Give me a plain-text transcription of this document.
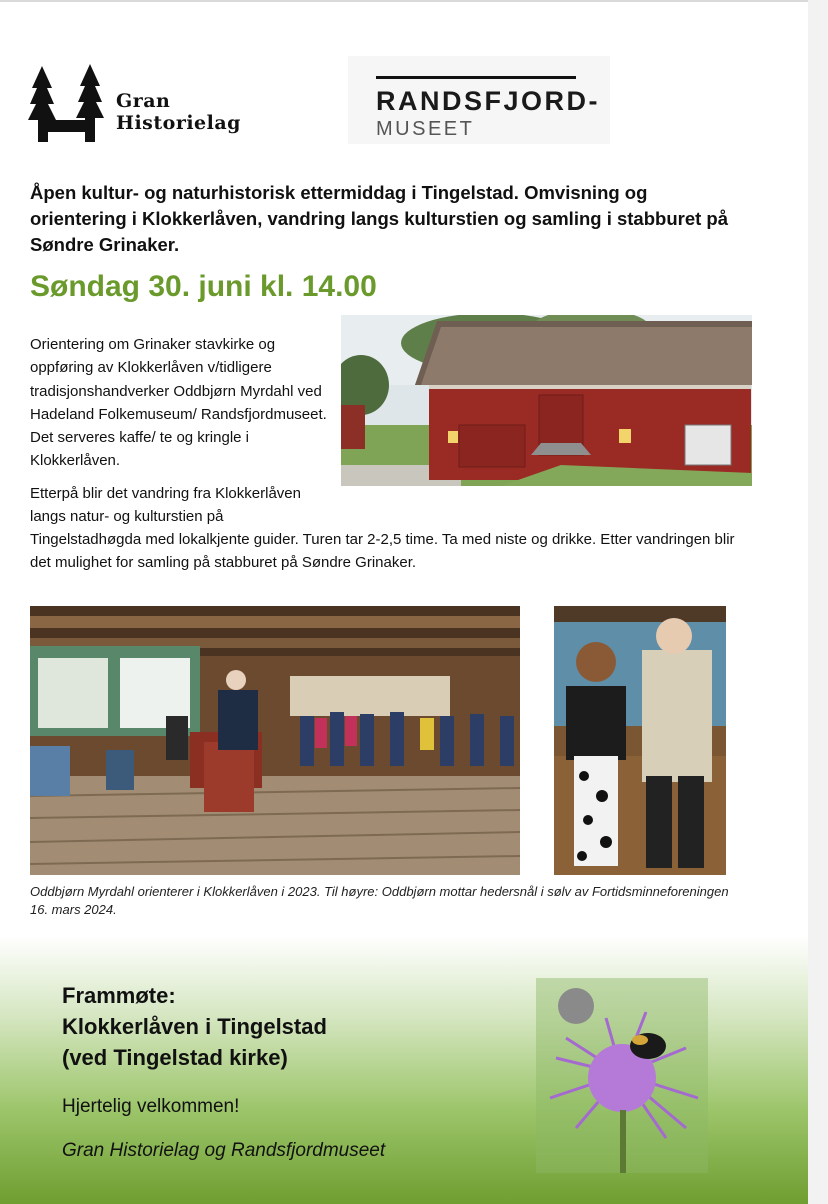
Gran Historielag
RANDSFJORD-
MUSEET
Åpen kultur- og naturhistorisk ettermiddag i Tingelstad. Omvisning og orientering i Klokkerlåven, vandring langs kulturstien og samling i stabburet på Søndre Grinaker.
Søndag 30. juni kl. 14.00
Orientering om Grinaker stavkirke og oppføring av Klokkerlåven v/tidligere tradisjonshandverker Oddbjørn Myrdahl ved Hadeland Folkemuseum/ Randsfjordmuseet. Det serveres kaffe/ te og kringle i Klokkerlåven.
Etterpå blir det vandring fra Klokkerlåven langs natur- og kulturstien på
Tingelstadhøgda med lokalkjente guider. Turen tar 2-2,5 time. Ta med niste og drikke. Etter vandringen blir det mulighet for samling på stabburet på Søndre Grinaker.
Oddbjørn Myrdahl orienterer i Klokkerlåven i 2023. Til høyre: Oddbjørn mottar hedersnål i sølv av Fortidsminneforeningen 16. mars 2024.
Frammøte:
Klokkerlåven i Tingelstad
(ved Tingelstad kirke)
Hjertelig velkommen!
Gran Historielag og Randsfjordmuseet
